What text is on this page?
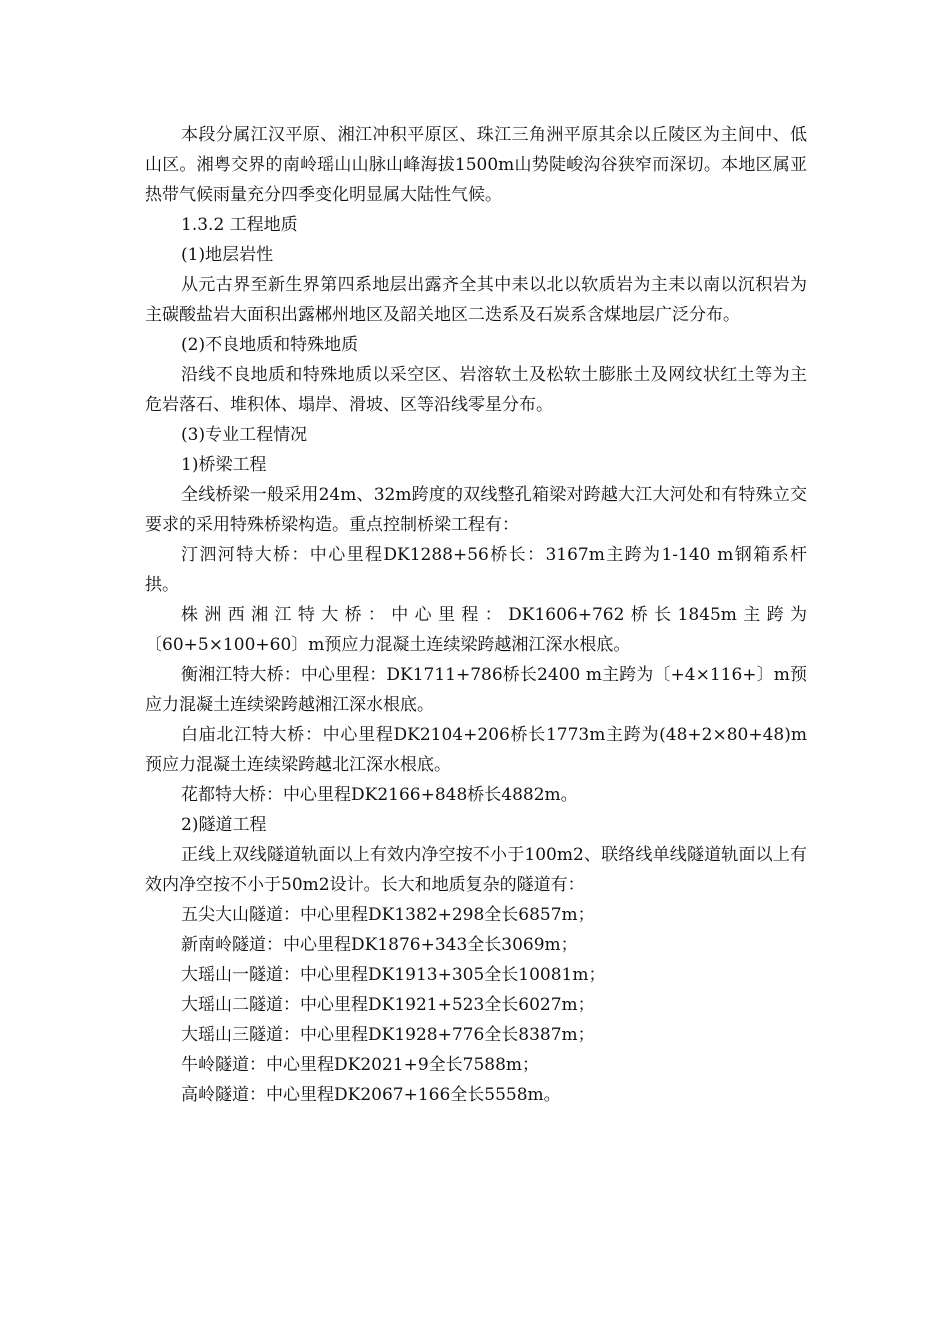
本段分属江汉平原、湘江冲积平原区、珠江三角洲平原其余以丘陵区为主间中、低山区。湘粤交界的南岭瑶山山脉山峰海拔1500m山势陡峻沟谷狭窄而深切。本地区属亚热带气候雨量充分四季变化明显属大陆性气候。

1.3.2 工程地质

(1)地层岩性

从元古界至新生界第四系地层出露齐全其中耒以北以软质岩为主耒以南以沉积岩为主碳酸盐岩大面积出露郴州地区及韶关地区二迭系及石炭系含煤地层广泛分布。

(2)不良地质和特殊地质

沿线不良地质和特殊地质以采空区、岩溶软土及松软土膨胀土及网纹状红土等为主危岩落石、堆积体、塌岸、滑坡、区等沿线零星分布。

(3)专业工程情况

1)桥梁工程

全线桥梁一般采用24m、32m跨度的双线整孔箱梁对跨越大江大河处和有特殊立交要求的采用特殊桥梁构造。重点控制桥梁工程有：

汀泗河特大桥：中心里程DK1288+56桥长：3167m主跨为1-140 m钢箱系杆拱。

株洲西湘江特大桥：中心里程：DK1606+762桥长1845m主跨为〔60+5×100+60〕m预应力混凝土连续梁跨越湘江深水根底。

衡湘江特大桥：中心里程：DK1711+786桥长2400 m主跨为〔+4×116+〕m预应力混凝土连续梁跨越湘江深水根底。

白庙北江特大桥：中心里程DK2104+206桥长1773m主跨为(48+2×80+48)m预应力混凝土连续梁跨越北江深水根底。

花都特大桥：中心里程DK2166+848桥长4882m。

2)隧道工程

正线上双线隧道轨面以上有效内净空按不小于100m2、联络线单线隧道轨面以上有效内净空按不小于50m2设计。长大和地质复杂的隧道有：

五尖大山隧道：中心里程DK1382+298全长6857m；

新南岭隧道：中心里程DK1876+343全长3069m；

大瑶山一隧道：中心里程DK1913+305全长10081m；

大瑶山二隧道：中心里程DK1921+523全长6027m；

大瑶山三隧道：中心里程DK1928+776全长8387m；

牛岭隧道：中心里程DK2021+9全长7588m；

高岭隧道：中心里程DK2067+166全长5558m。
